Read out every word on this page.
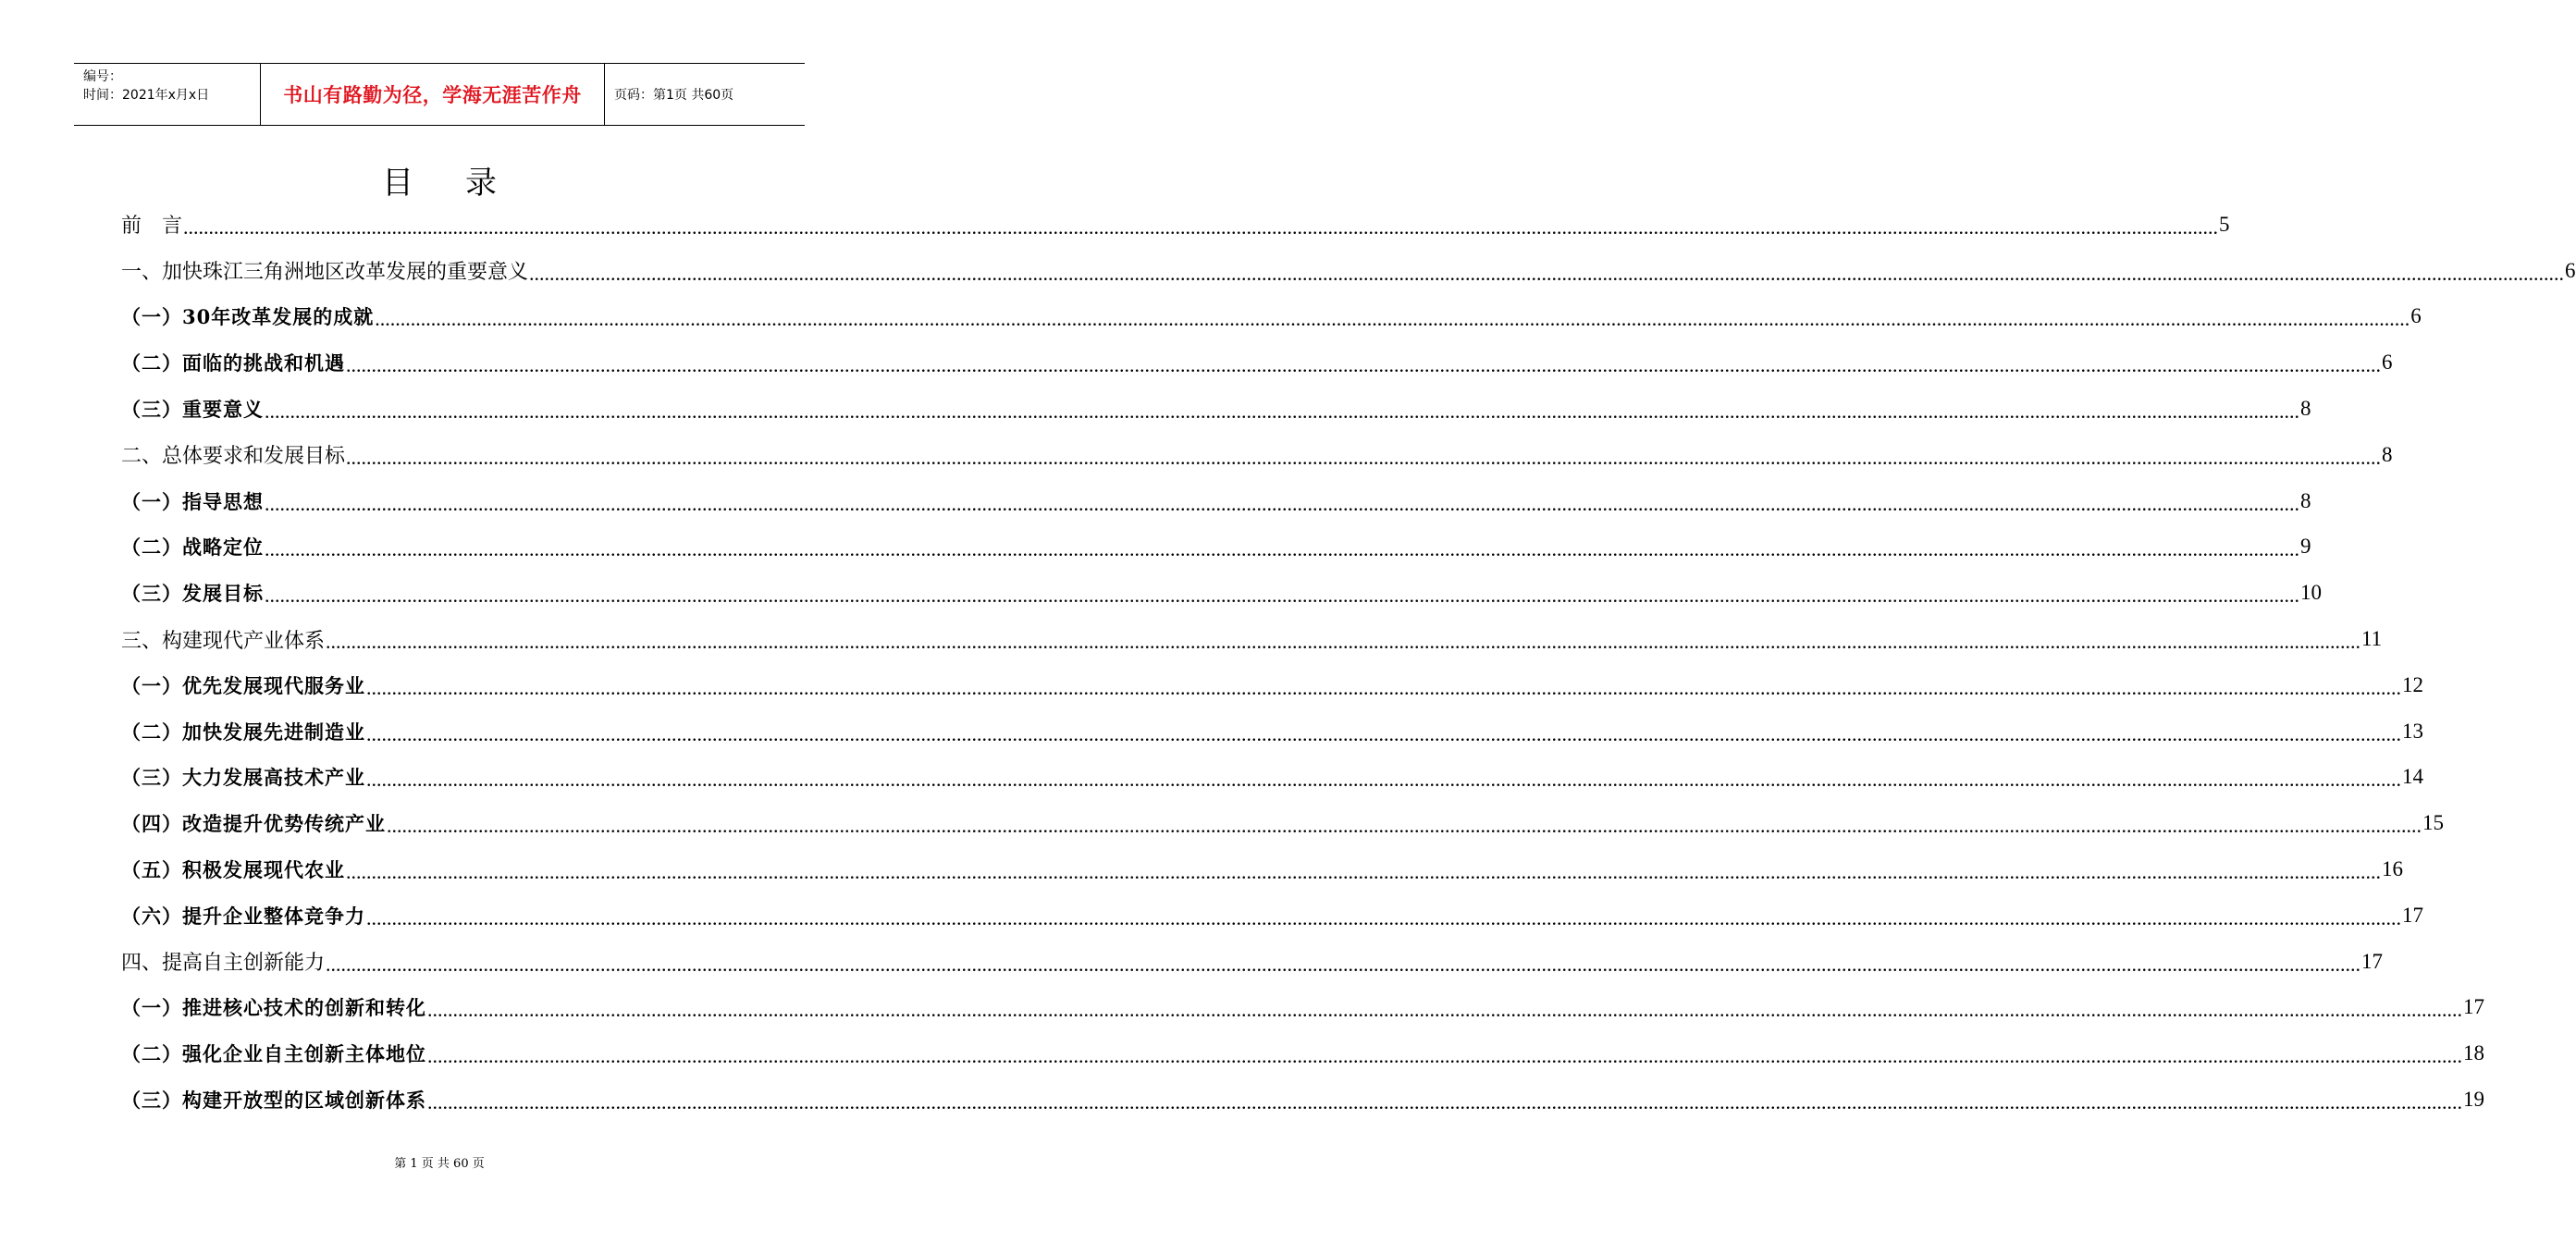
编号：
时间：2021年x月x日	书山有路勤为径，学海无涯苦作舟	页码：第1页 共60页
目 录
前　言 ................................................................................................................................................................................................................................................................................................................................................................................................................ 5
一、加快珠江三角洲地区改革发展的重要意义 ................................................................................................................................................................................................................................................................................................................................................................................................................ 6
（一）30年改革发展的成就 ................................................................................................................................................................................................................................................................................................................................................................................................................ 6
（二）面临的挑战和机遇 ................................................................................................................................................................................................................................................................................................................................................................................................................ 6
（三）重要意义 ................................................................................................................................................................................................................................................................................................................................................................................................................ 8
二、总体要求和发展目标 ................................................................................................................................................................................................................................................................................................................................................................................................................ 8
（一）指导思想 ................................................................................................................................................................................................................................................................................................................................................................................................................ 8
（二）战略定位 ................................................................................................................................................................................................................................................................................................................................................................................................................ 9
（三）发展目标 ................................................................................................................................................................................................................................................................................................................................................................................................................ 10
三、构建现代产业体系 ................................................................................................................................................................................................................................................................................................................................................................................................................ 11
（一）优先发展现代服务业 ................................................................................................................................................................................................................................................................................................................................................................................................................ 12
（二）加快发展先进制造业 ................................................................................................................................................................................................................................................................................................................................................................................................................ 13
（三）大力发展高技术产业 ................................................................................................................................................................................................................................................................................................................................................................................................................ 14
（四）改造提升优势传统产业 ................................................................................................................................................................................................................................................................................................................................................................................................................ 15
（五）积极发展现代农业 ................................................................................................................................................................................................................................................................................................................................................................................................................ 16
（六）提升企业整体竞争力 ................................................................................................................................................................................................................................................................................................................................................................................................................ 17
四、提高自主创新能力 ................................................................................................................................................................................................................................................................................................................................................................................................................ 17
（一）推进核心技术的创新和转化 ................................................................................................................................................................................................................................................................................................................................................................................................................ 17
（二）强化企业自主创新主体地位 ................................................................................................................................................................................................................................................................................................................................................................................................................ 18
（三）构建开放型的区域创新体系 ................................................................................................................................................................................................................................................................................................................................................................................................................ 19
第 1 页 共 60 页
